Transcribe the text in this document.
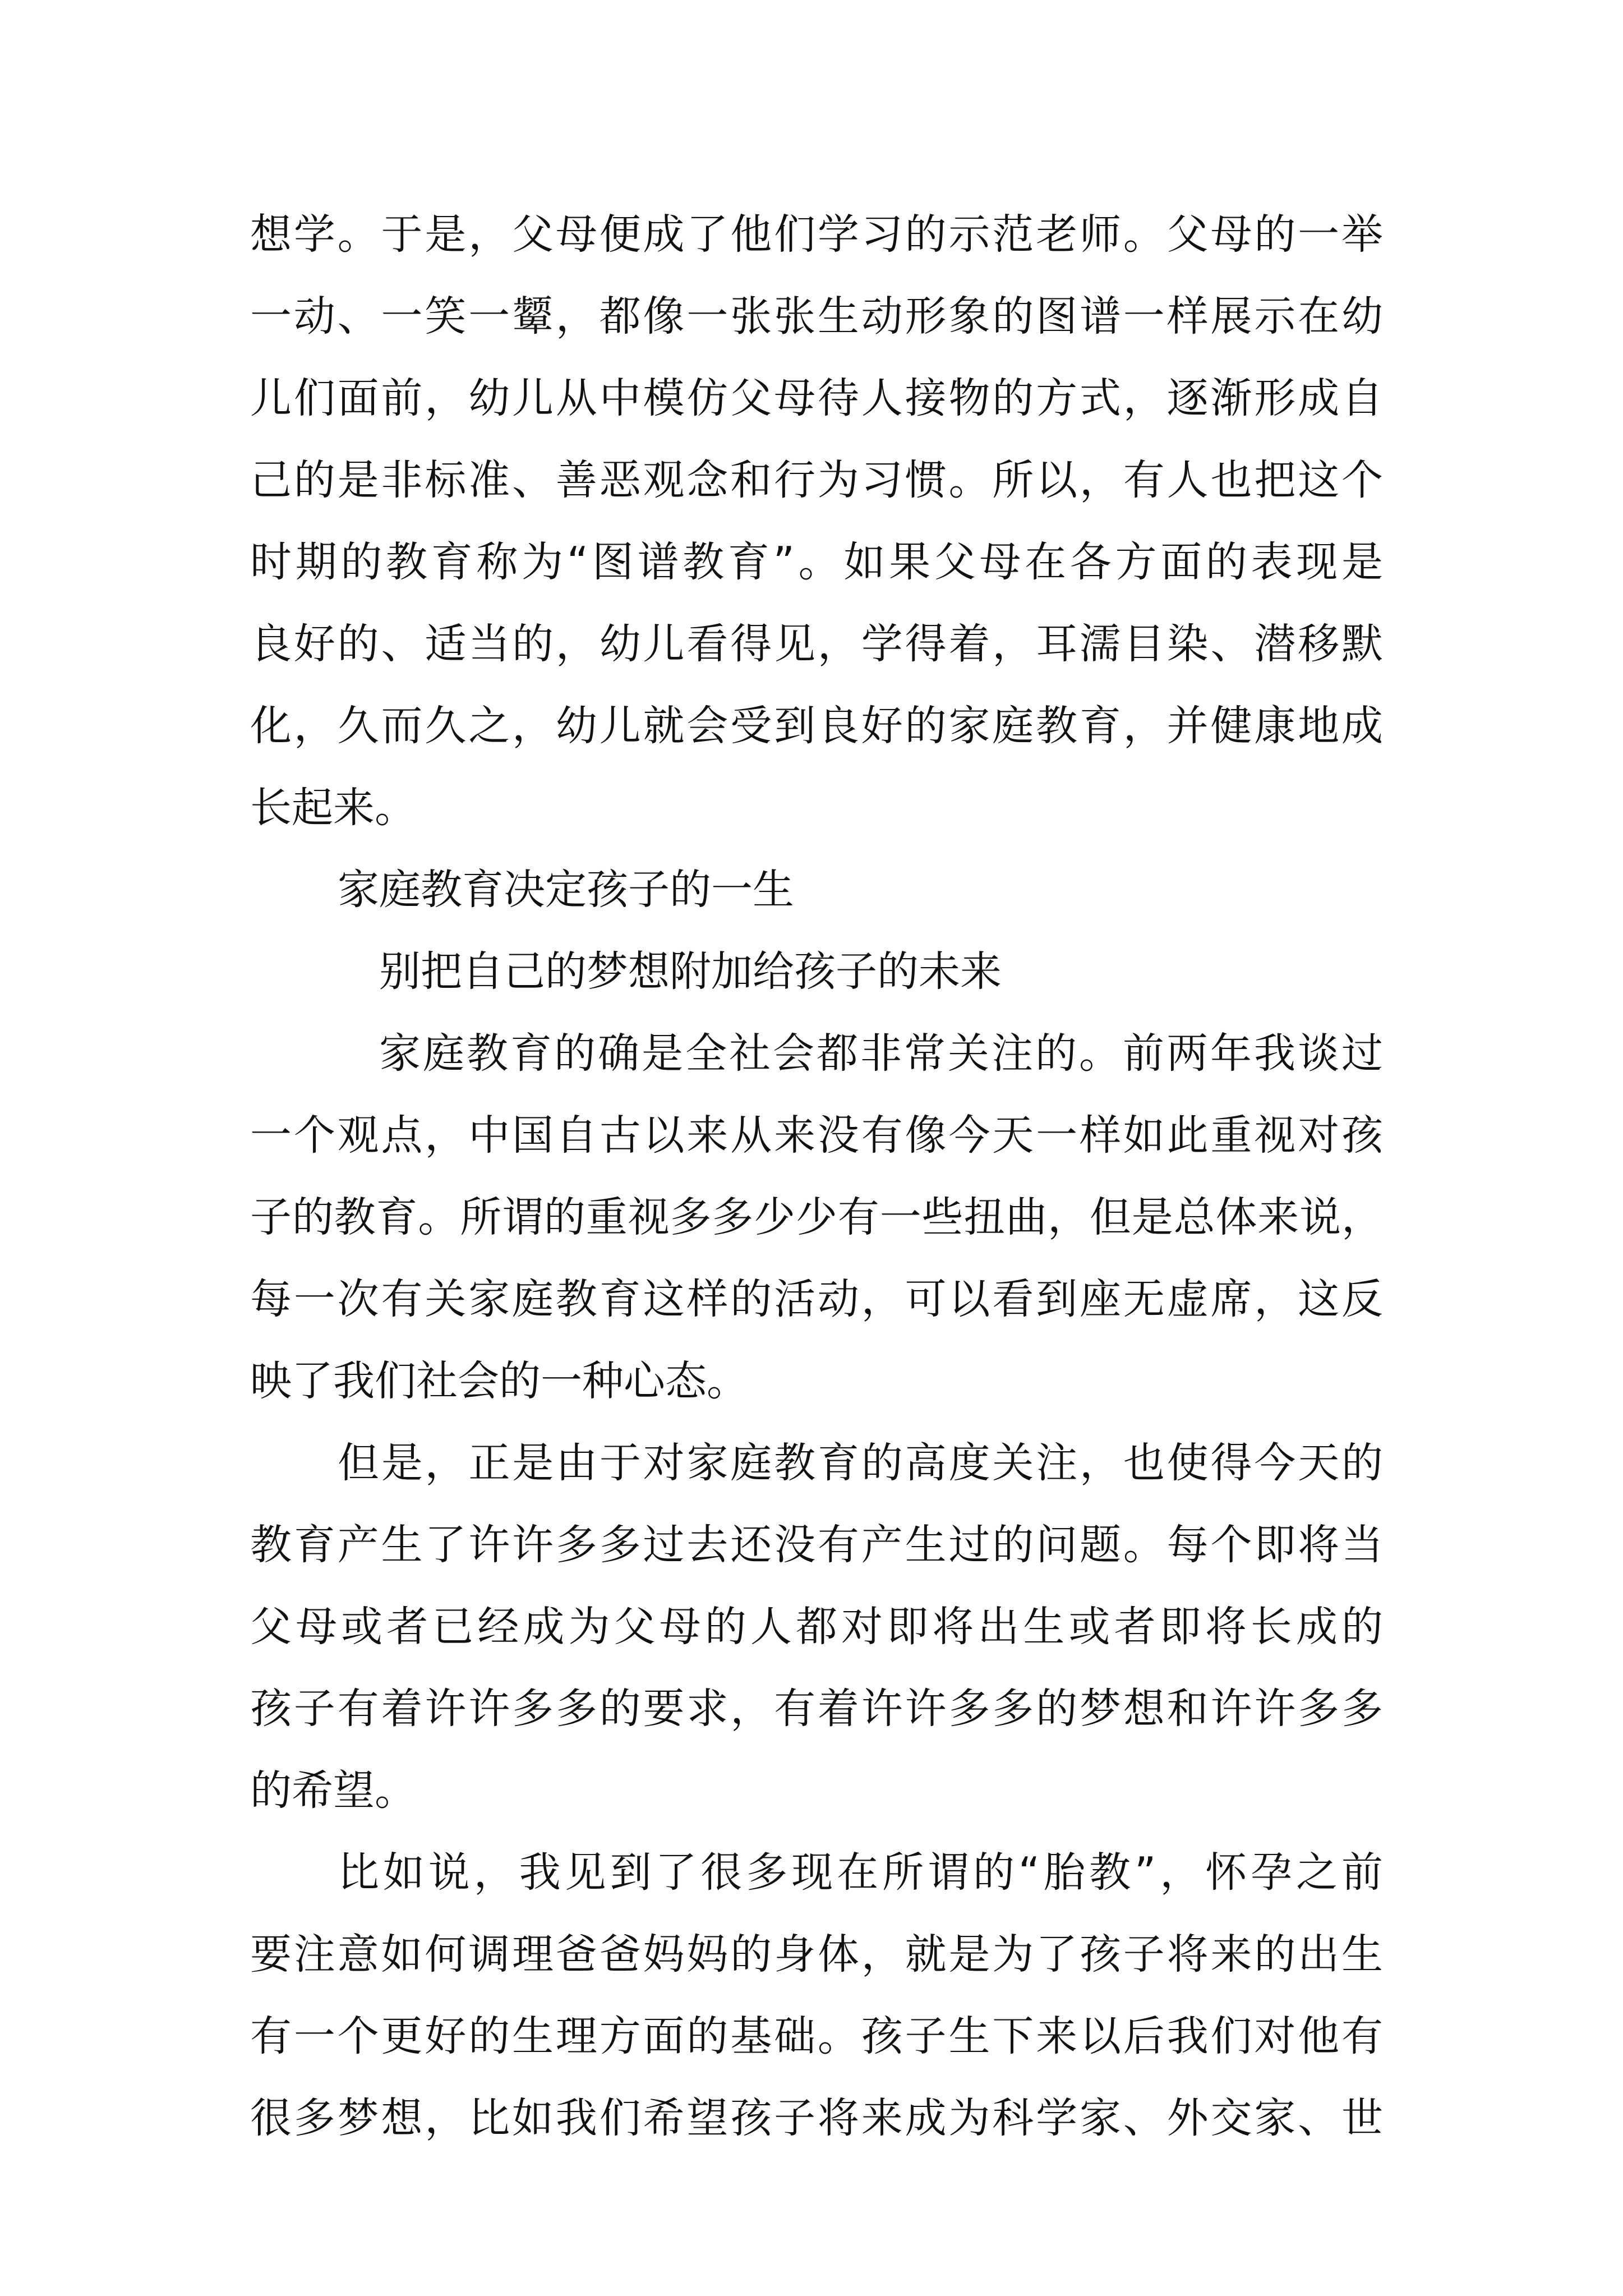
想学。于是，父母便成了他们学习的示范老师。父母的一举
一动、一笑一颦，都像一张张生动形象的图谱一样展示在幼
儿们面前，幼儿从中模仿父母待人接物的方式，逐渐形成自
己的是非标准、善恶观念和行为习惯。所以，有人也把这个
时期的教育称为“图谱教育”。如果父母在各方面的表现是
良好的、适当的，幼儿看得见，学得着，耳濡目染、潜移默
化，久而久之，幼儿就会受到良好的家庭教育，并健康地成
长起来。
家庭教育决定孩子的一生
别把自己的梦想附加给孩子的未来
家庭教育的确是全社会都非常关注的。前两年我谈过
一个观点，中国自古以来从来没有像今天一样如此重视对孩
子的教育。所谓的重视多多少少有一些扭曲，但是总体来说，
每一次有关家庭教育这样的活动，可以看到座无虚席，这反
映了我们社会的一种心态。
但是，正是由于对家庭教育的高度关注，也使得今天的
教育产生了许许多多过去还没有产生过的问题。每个即将当
父母或者已经成为父母的人都对即将出生或者即将长成的
孩子有着许许多多的要求，有着许许多多的梦想和许许多多
的希望。
比如说，我见到了很多现在所谓的“胎教”，怀孕之前
要注意如何调理爸爸妈妈的身体，就是为了孩子将来的出生
有一个更好的生理方面的基础。孩子生下来以后我们对他有
很多梦想，比如我们希望孩子将来成为科学家、外交家、世
